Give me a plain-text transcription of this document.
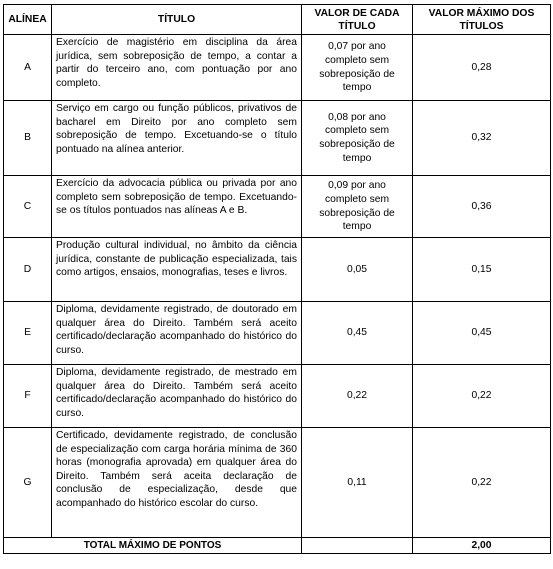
ALÍNEA	TÍTULO	VALOR DE CADA TÍTULO	VALOR MÁXIMO DOS TÍTULOS
A	Exercício de magistério em disciplina da área jurídica, sem sobreposição de tempo, a contar a partir do terceiro ano, com pontuação por ano completo.	0,07 por ano completo sem sobreposição de tempo	0,28
B	Serviço em cargo ou função públicos, privativos de bacharel em Direito por ano completo sem sobreposição de tempo. Excetuando-se o título pontuado na alínea anterior.	0,08 por ano completo sem sobreposição de tempo	0,32
C	Exercício da advocacia pública ou privada por ano completo sem sobreposição de tempo. Excetuando-se os títulos pontuados nas alíneas A e B.	0,09 por ano completo sem sobreposição de tempo	0,36
D	Produção cultural individual, no âmbito da ciência jurídica, constante de publicação especializada, tais como artigos, ensaios, monografias, teses e livros.	0,05	0,15
E	Diploma, devidamente registrado, de doutorado em qualquer área do Direito. Também será aceito certificado/declaração acompanhado do histórico do curso.	0,45	0,45
F	Diploma, devidamente registrado, de mestrado em qualquer área do Direito. Também será aceito certificado/declaração acompanhado do histórico do curso.	0,22	0,22
G	Certificado, devidamente registrado, de conclusão de especialização com carga horária mínima de 360 horas (monografia aprovada) em qualquer área do Direito. Também será aceita declaração de conclusão de especialização, desde que acompanhado do histórico escolar do curso.	0,11	0,22
TOTAL MÁXIMO DE PONTOS			2,00
